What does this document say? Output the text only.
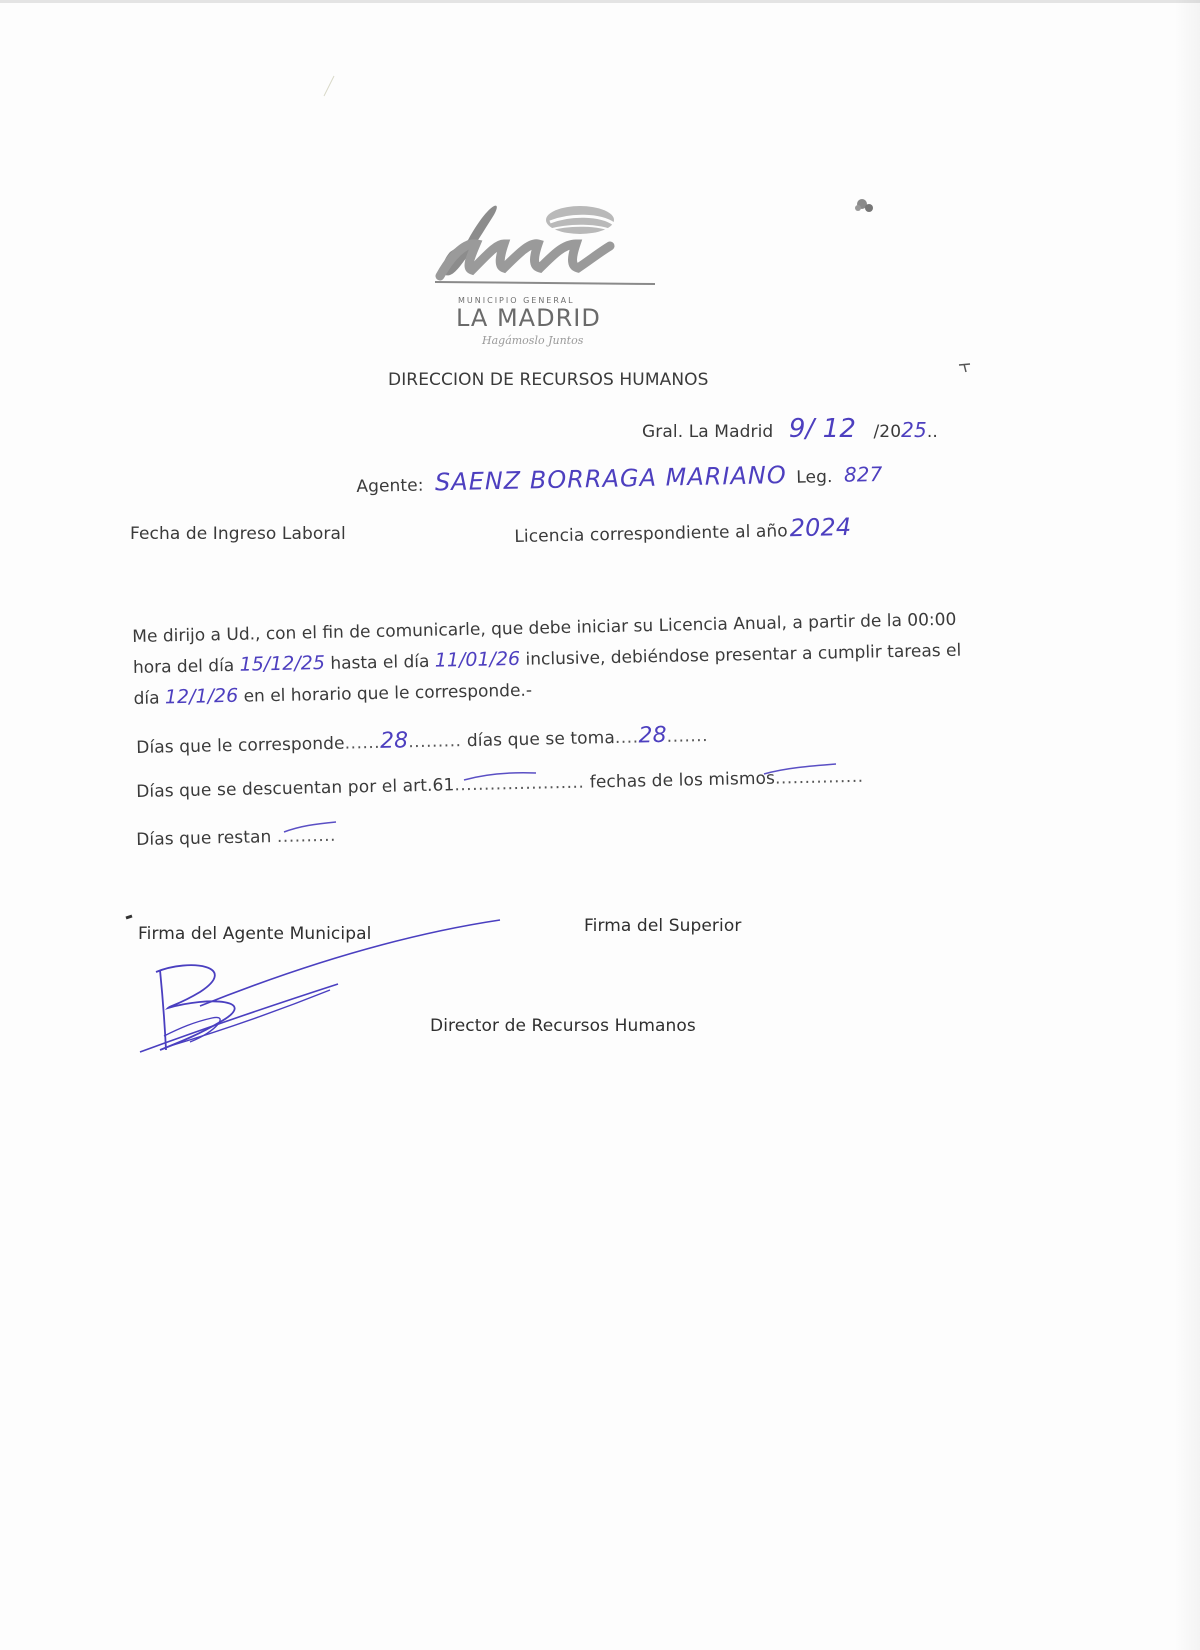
MUNICIPIO GENERAL
LA MADRID
Hagámoslo Juntos
DIRECCION DE RECURSOS HUMANOS
Gral. La Madrid 9/ 12 /2025..
Agente: SAENZ BORRAGA MARIANO Leg. 827
Fecha de Ingreso Laboral	Licencia correspondiente al año2024
Me dirijo a Ud., con el fin de comunicarle, que debe iniciar su Licencia Anual, a partir de la 00:00
hora del día 15/12/25 hasta el día 11/01/26 inclusive, debiéndose presentar a cumplir tareas el
día 12/1/26 en el horario que le corresponde.-
Días que le corresponde......28......... días que se toma....28.......
Días que se descuentan por el art.61...................... fechas de los mismos...............
Días que restan ..........
Firma del Agente Municipal	Firma del Superior
Director de Recursos Humanos
